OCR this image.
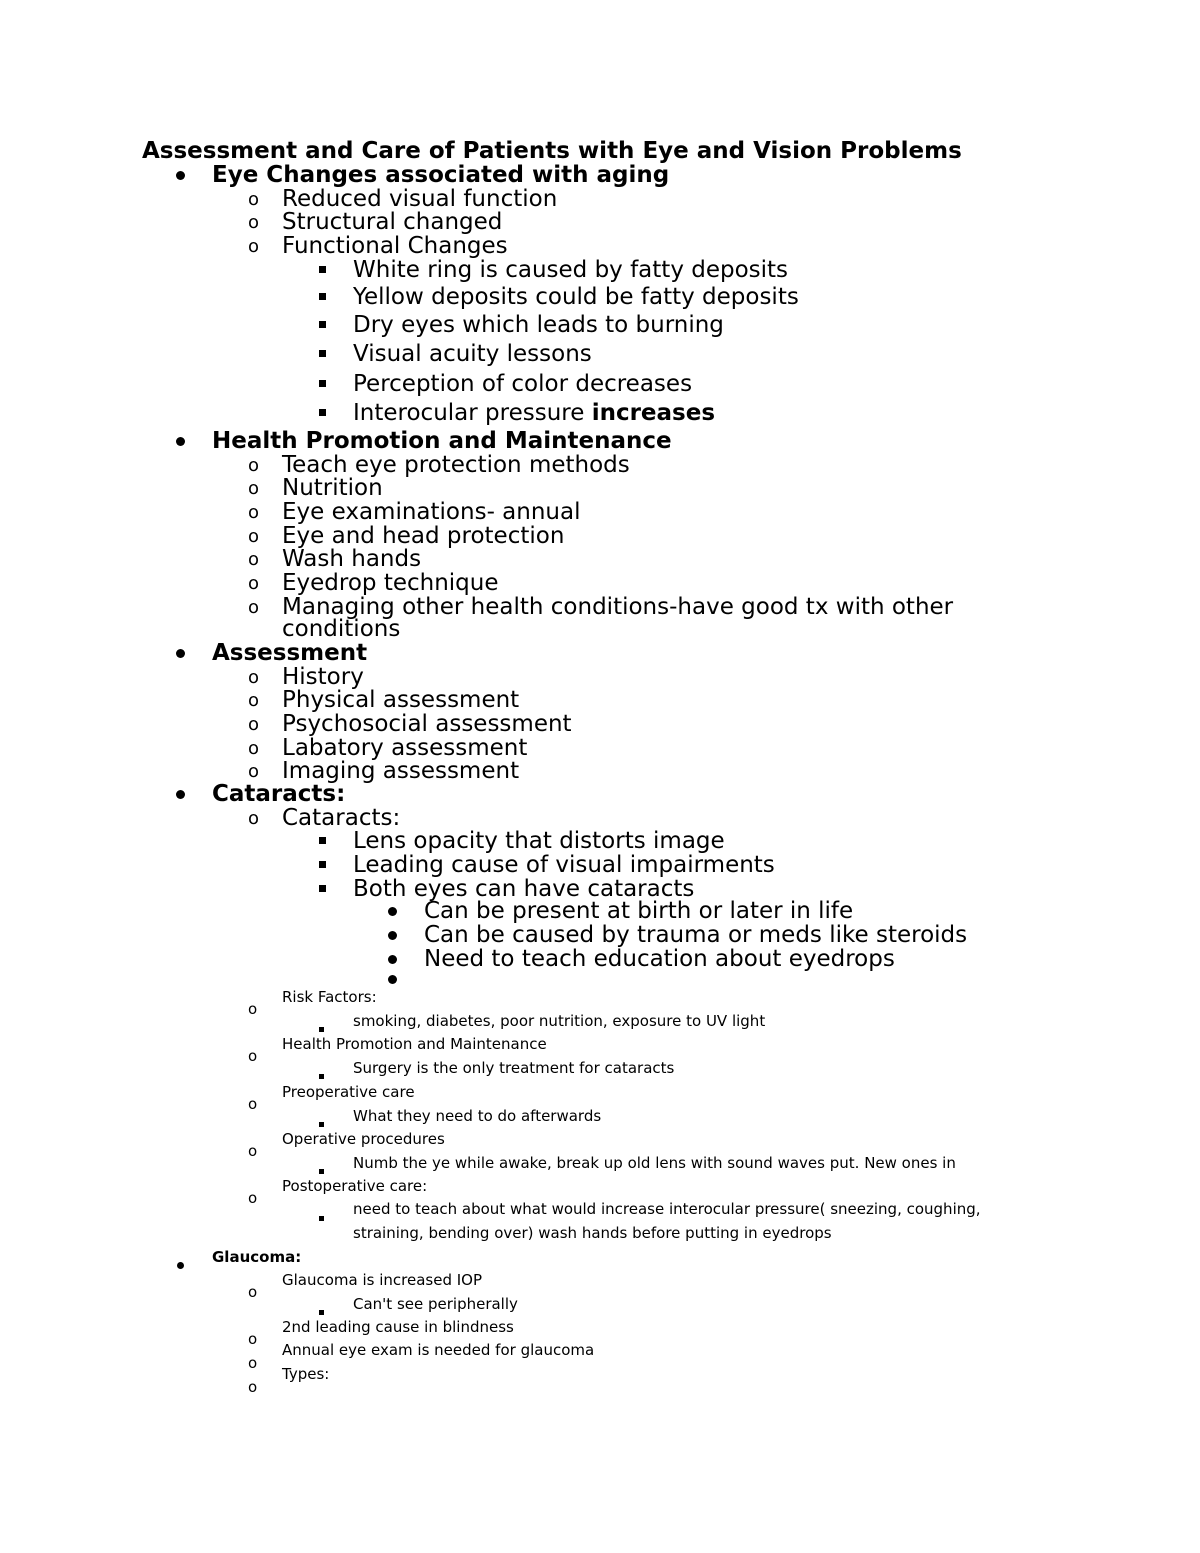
Assessment and Care of Patients with Eye and Vision Problems
Eye Changes associated with aging
o Reduced visual function
o Structural changed
o Functional Changes
White ring is caused by fatty deposits
Yellow deposits could be fatty deposits
Dry eyes which leads to burning
Visual acuity lessons
Perception of color decreases
Interocular pressure increases
Health Promotion and Maintenance
o Teach eye protection methods
o Nutrition
o Eye examinations- annual
o Eye and head protection
o Wash hands
o Eyedrop technique
o Managing other health conditions-have good tx with other
conditions
Assessment
o History
o Physical assessment
o Psychosocial assessment
o Labatory assessment
o Imaging assessment
Cataracts:
o Cataracts:
Lens opacity that distorts image
Leading cause of visual impairments
Both eyes can have cataracts
Can be present at birth or later in life
Can be caused by trauma or meds like steroids
Need to teach education about eyedrops
o
Risk Factors:
smoking, diabetes, poor nutrition, exposure to UV light
o
Health Promotion and Maintenance
Surgery is the only treatment for cataracts
o
Preoperative care
What they need to do afterwards
o
Operative procedures
Numb the ye while awake, break up old lens with sound waves put. New ones in
o
Postoperative care:
need to teach about what would increase interocular pressure( sneezing, coughing,
straining, bending over) wash hands before putting in eyedrops
Glaucoma:
o
Glaucoma is increased IOP
Can't see peripherally
o
2nd leading cause in blindness
o
Annual eye exam is needed for glaucoma
o
Types:
